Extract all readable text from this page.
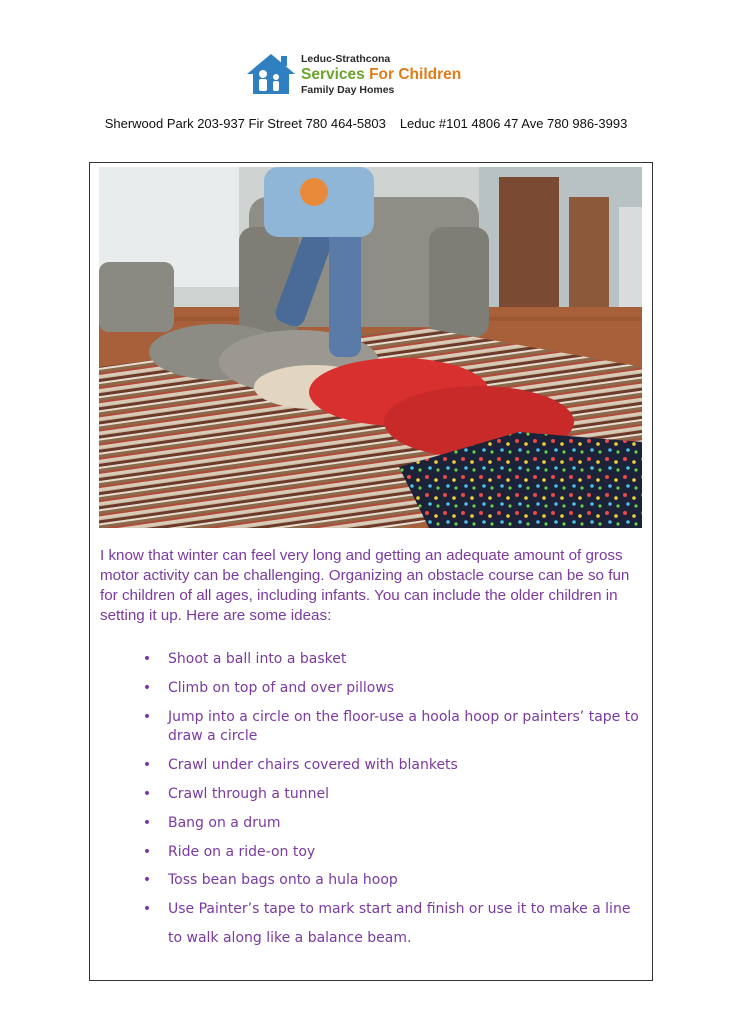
Leduc-Strathcona
Services For Children
Family Day Homes
Sherwood Park 203-937 Fir Street 780 464-5803 Leduc #101 4806 47 Ave 780 986-3993
I know that winter can feel very long and getting an adequate amount of gross motor activity can be challenging. Organizing an obstacle course can be so fun for children of all ages, including infants. You can include the older children in setting it up. Here are some ideas:
• Shoot a ball into a basket
• Climb on top of and over pillows
• Jump into a circle on the floor-use a hoola hoop or painters’ tape to draw a circle
• Crawl under chairs covered with blankets
• Crawl through a tunnel
• Bang on a drum
• Ride on a ride-on toy
• Toss bean bags onto a hula hoop
• Use Painter’s tape to mark start and finish or use it to make a line to walk along like a balance beam.
